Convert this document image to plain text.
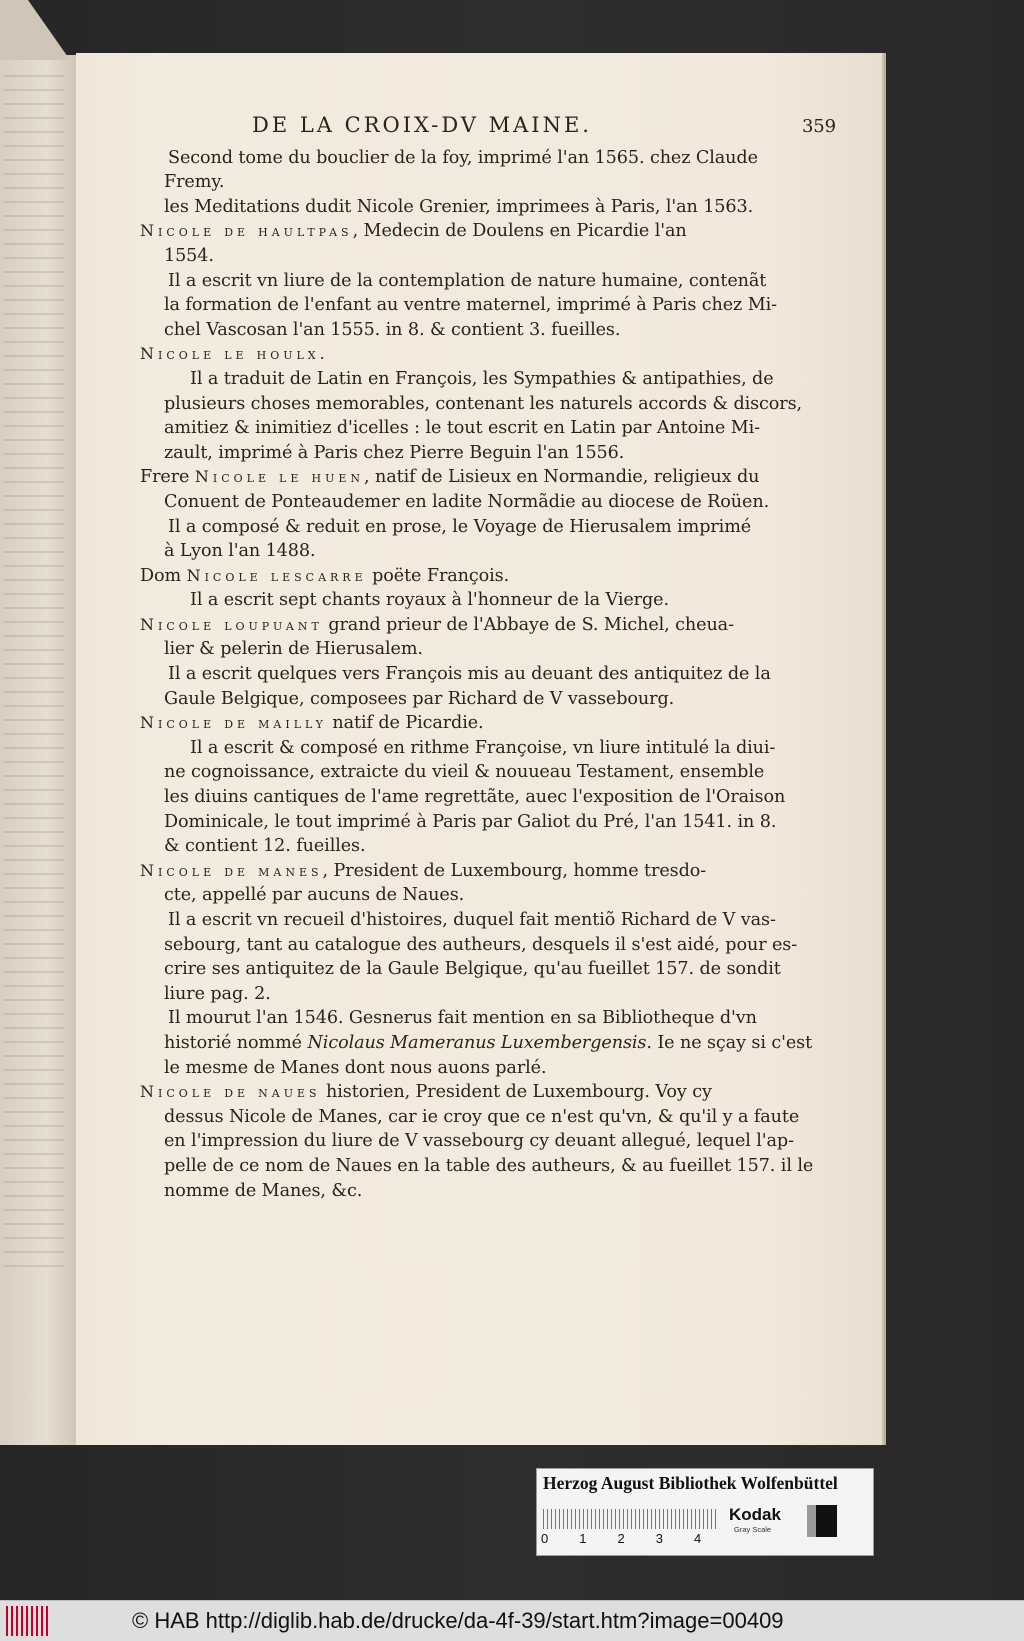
DE LA CROIX-DV MAINE.	359
Second tome du bouclier de la foy, imprimé l'an 1565. chez Claude
Fremy.
les Meditations dudit Nicole Grenier, imprimees à Paris, l'an 1563.
Nicole de haultpas, Medecin de Doulens en Picardie l'an
1554.
Il a escrit vn liure de la contemplation de nature humaine, contenãt
la formation de l'enfant au ventre maternel, imprimé à Paris chez Mi-
chel Vascosan l'an 1555. in 8. & contient 3. fueilles.
Nicole le houlx.
Il a traduit de Latin en François, les Sympathies & antipathies, de
plusieurs choses memorables, contenant les naturels accords & discors,
amitiez & inimitiez d'icelles : le tout escrit en Latin par Antoine Mi-
zault, imprimé à Paris chez Pierre Beguin l'an 1556.
Frere Nicole le huen, natif de Lisieux en Normandie, religieux du
Conuent de Ponteaudemer en ladite Normãdie au diocese de Roüen.
Il a composé & reduit en prose, le Voyage de Hierusalem imprimé
à Lyon l'an 1488.
Dom Nicole lescarre poëte François.
Il a escrit sept chants royaux à l'honneur de la Vierge.
Nicole loupuant grand prieur de l'Abbaye de S. Michel, cheua-
lier & pelerin de Hierusalem.
Il a escrit quelques vers François mis au deuant des antiquitez de la
Gaule Belgique, composees par Richard de V vassebourg.
Nicole de mailly natif de Picardie.
Il a escrit & composé en rithme Françoise, vn liure intitulé la diui-
ne cognoissance, extraicte du vieil & nouueau Testament, ensemble
les diuins cantiques de l'ame regrettãte, auec l'exposition de l'Oraison
Dominicale, le tout imprimé à Paris par Galiot du Pré, l'an 1541. in 8.
& contient 12. fueilles.
Nicole de manes, President de Luxembourg, homme tresdo-
cte, appellé par aucuns de Naues.
Il a escrit vn recueil d'histoires, duquel fait mentiõ Richard de V vas-
sebourg, tant au catalogue des autheurs, desquels il s'est aidé, pour es-
crire ses antiquitez de la Gaule Belgique, qu'au fueillet 157. de sondit
liure pag. 2.
Il mourut l'an 1546. Gesnerus fait mention en sa Bibliotheque d'vn
historié nommé Nicolaus Mameranus Luxembergensis. Ie ne sçay si c'est
le mesme de Manes dont nous auons parlé.
Nicole de naues historien, President de Luxembourg. Voy cy
dessus Nicole de Manes, car ie croy que ce n'est qu'vn, & qu'il y a faute
en l'impression du liure de V vassebourg cy deuant allegué, lequel l'ap-
pelle de ce nom de Naues en la table des autheurs, & au fueillet 157. il le
nomme de Manes, &c.
Herzog August Bibliothek Wolfenbüttel
0 1 2 3 4
Kodak
Gray Scale
© HAB http://diglib.hab.de/drucke/da-4f-39/start.htm?image=00409
